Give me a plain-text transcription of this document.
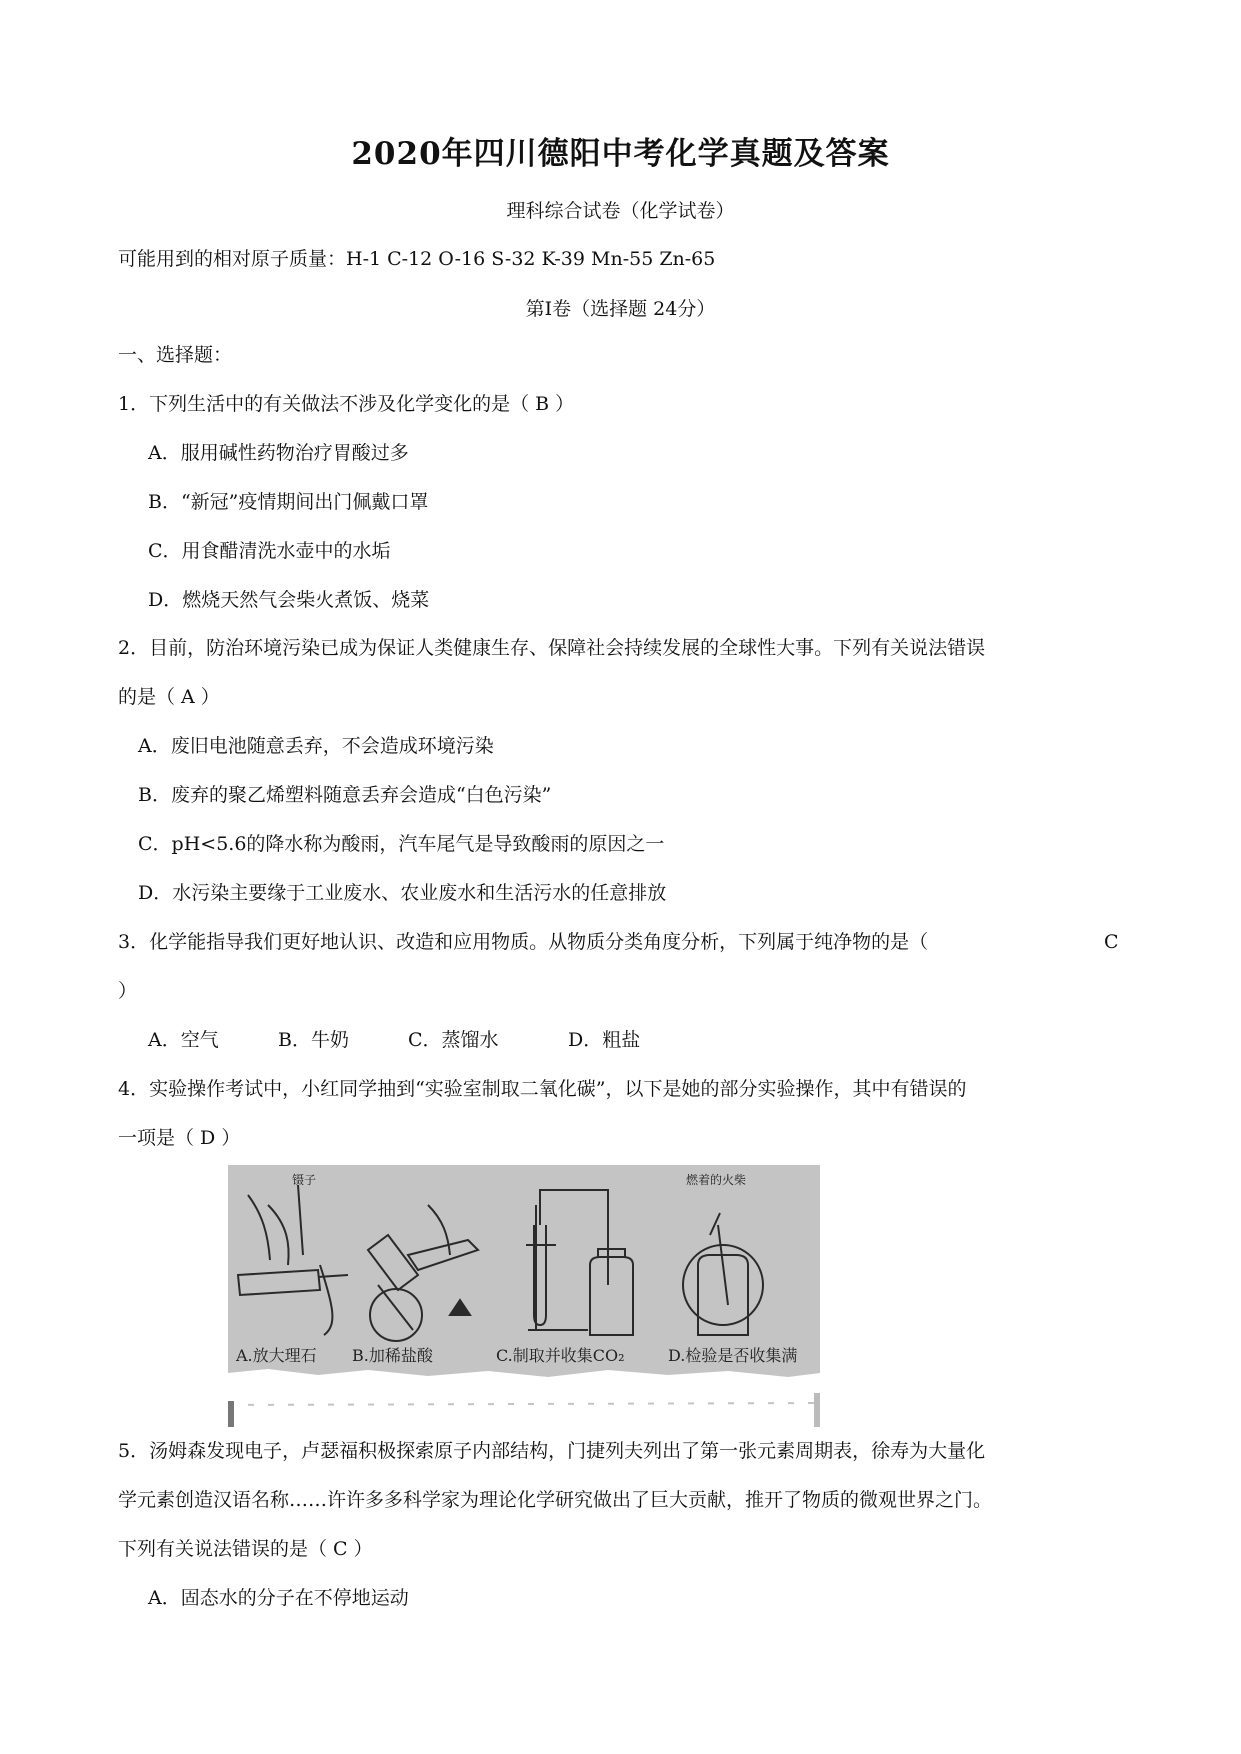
2020年四川德阳中考化学真题及答案
理科综合试卷（化学试卷）
可能用到的相对原子质量：H-1 C-12 O-16 S-32 K-39 Mn-55 Zn-65
第Ⅰ卷（选择题 24分）
一、选择题：
1．下列生活中的有关做法不涉及化学变化的是（ B ）
A．服用碱性药物治疗胃酸过多
B．“新冠”疫情期间出门佩戴口罩
C．用食醋清洗水壶中的水垢
D．燃烧天然气会柴火煮饭、烧菜
2．目前，防治环境污染已成为保证人类健康生存、保障社会持续发展的全球性大事。下列有关说法错误
的是（ A ）
A．废旧电池随意丢弃，不会造成环境污染
B．废弃的聚乙烯塑料随意丢弃会造成“白色污染”
C．pH<5.6的降水称为酸雨，汽车尾气是导致酸雨的原因之一
D．水污染主要缘于工业废水、农业废水和生活污水的任意排放
3．化学能指导我们更好地认识、改造和应用物质。从物质分类角度分析，下列属于纯净物的是（	C
）
A．空气	B．牛奶	C．蒸馏水	D．粗盐
4．实验操作考试中，小红同学抽到“实验室制取二氧化碳”，以下是她的部分实验操作，其中有错误的
一项是（ D ）
镊子	燃着的火柴
A.放大理石 B.加稀盐酸	C.制取并收集CO₂	D.检验是否收集满
5．汤姆森发现电子，卢瑟福积极探索原子内部结构，门捷列夫列出了第一张元素周期表，徐寿为大量化
学元素创造汉语名称……许许多多科学家为理论化学研究做出了巨大贡献，推开了物质的微观世界之门。
下列有关说法错误的是（ C ）
A．固态水的分子在不停地运动
